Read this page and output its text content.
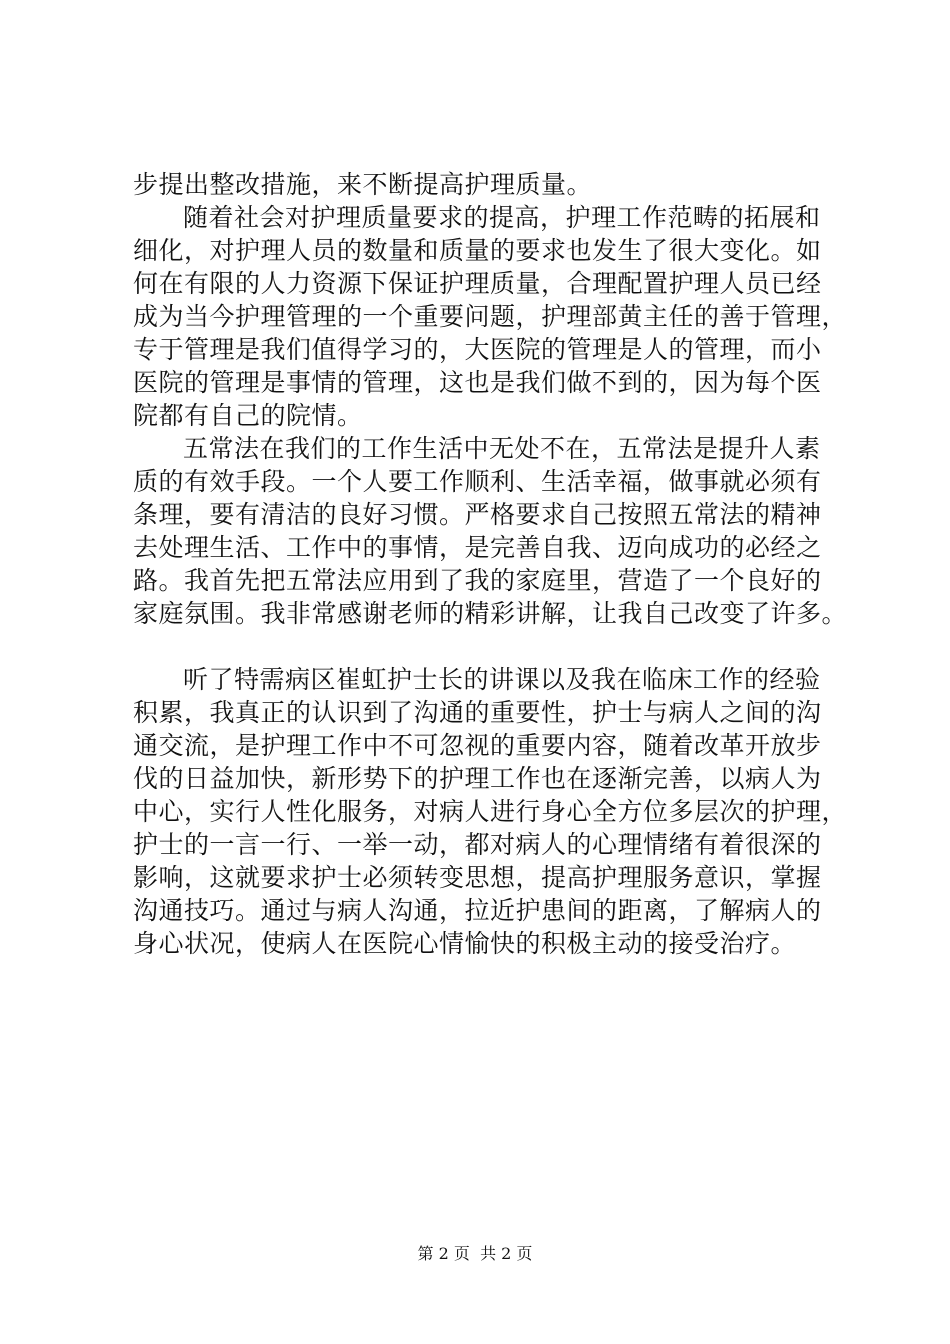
步提出整改措施，来不断提高护理质量。
随着社会对护理质量要求的提高，护理工作范畴的拓展和
细化，对护理人员的数量和质量的要求也发生了很大变化。如
何在有限的人力资源下保证护理质量，合理配置护理人员已经
成为当今护理管理的一个重要问题，护理部黄主任的善于管理，
专于管理是我们值得学习的，大医院的管理是人的管理，而小
医院的管理是事情的管理，这也是我们做不到的，因为每个医
院都有自己的院情。
五常法在我们的工作生活中无处不在，五常法是提升人素
质的有效手段。一个人要工作顺利、生活幸福，做事就必须有
条理，要有清洁的良好习惯。严格要求自己按照五常法的精神
去处理生活、工作中的事情，是完善自我、迈向成功的必经之
路。我首先把五常法应用到了我的家庭里，营造了一个良好的
家庭氛围。我非常感谢老师的精彩讲解，让我自己改变了许多。
听了特需病区崔虹护士长的讲课以及我在临床工作的经验
积累，我真正的认识到了沟通的重要性，护士与病人之间的沟
通交流，是护理工作中不可忽视的重要内容，随着改革开放步
伐的日益加快，新形势下的护理工作也在逐渐完善，以病人为
中心，实行人性化服务，对病人进行身心全方位多层次的护理，
护士的一言一行、一举一动，都对病人的心理情绪有着很深的
影响，这就要求护士必须转变思想，提高护理服务意识，掌握
沟通技巧。通过与病人沟通，拉近护患间的距离，了解病人的
身心状况，使病人在医院心情愉快的积极主动的接受治疗。
第 2 页  共 2 页
